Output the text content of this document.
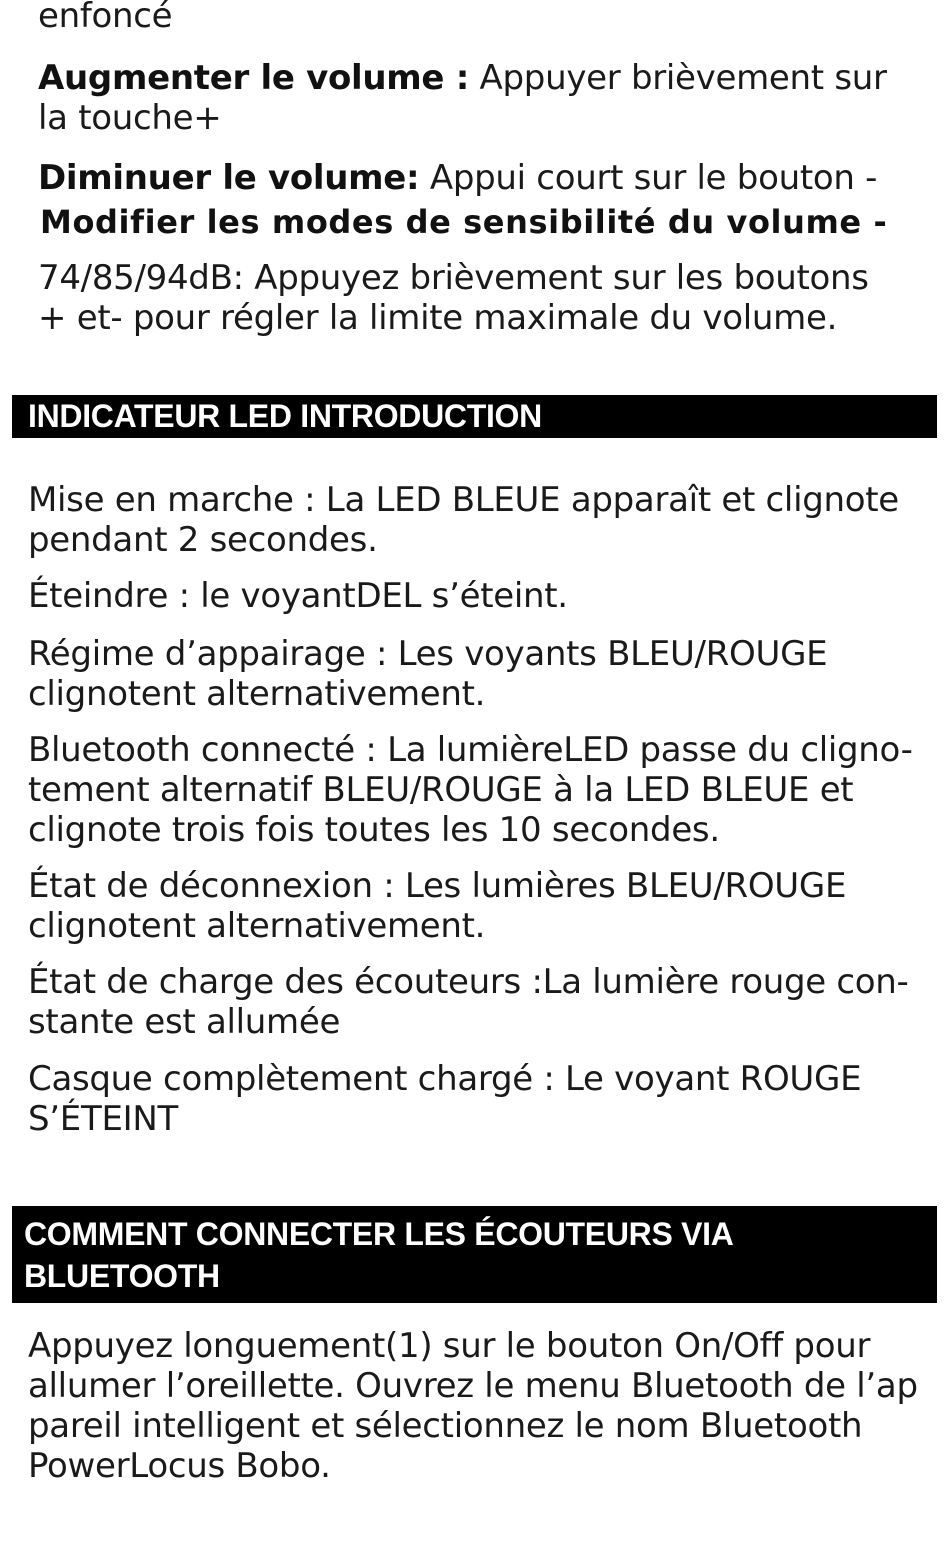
enfoncé
Augmenter le volume : Appuyer brièvement sur
la touche+
Diminuer le volume: Appui court sur le bouton -
Modifier les modes de sensibilité du volume -
74/85/94dB: Appuyez brièvement sur les boutons
+ et- pour régler la limite maximale du volume.
INDICATEUR LED INTRODUCTION
Mise en marche : La LED BLEUE apparaît et clignote
pendant 2 secondes.
Éteindre : le voyantDEL s’éteint.
Régime d’appairage : Les voyants BLEU/ROUGE
clignotent alternativement.
Bluetooth connecté : La lumièreLED passe du cligno-
tement alternatif BLEU/ROUGE à la LED BLEUE et
clignote trois fois toutes les 10 secondes.
État de déconnexion : Les lumières BLEU/ROUGE
clignotent alternativement.
État de charge des écouteurs :La lumière rouge con-
stante est allumée
Casque complètement chargé : Le voyant ROUGE
S’ÉTEINT
COMMENT CONNECTER LES ÉCOUTEURS VIA
BLUETOOTH
Appuyez longuement(1) sur le bouton On/Off pour
allumer l’oreillette. Ouvrez le menu Bluetooth de l’ap
pareil intelligent et sélectionnez le nom Bluetooth
PowerLocus Bobo.
